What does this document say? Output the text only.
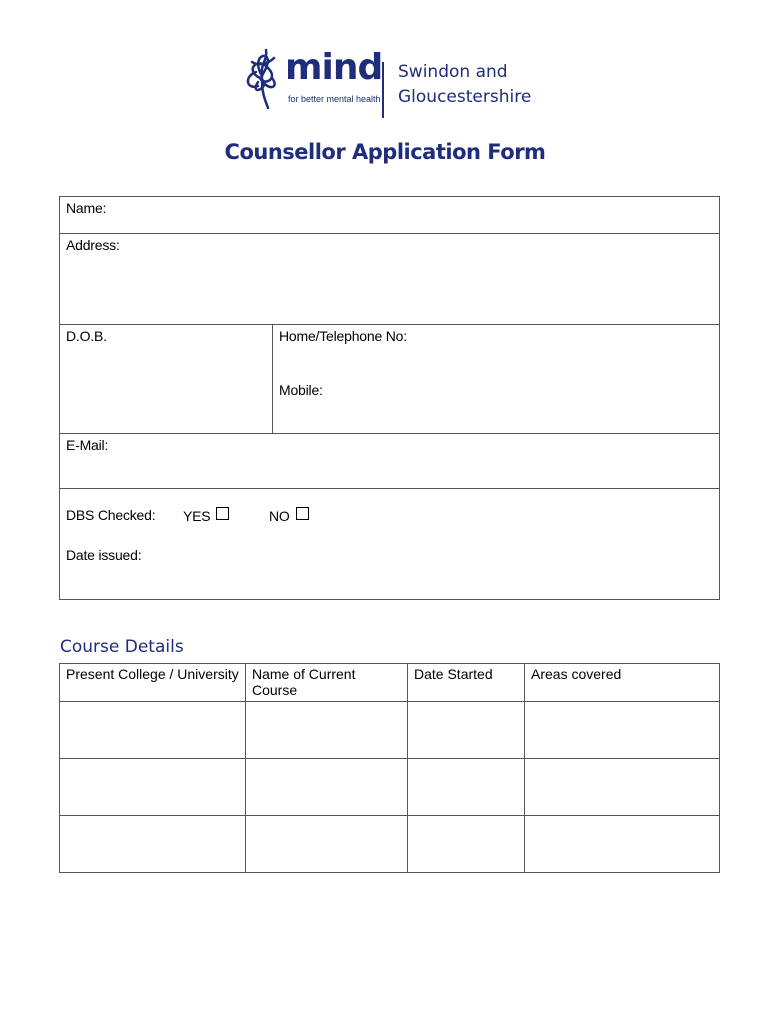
mind
for better mental health
Swindon and
Gloucestershire
Counsellor Application Form
Name:
Address:
D.O.B.	Home/Telephone No:
Mobile:
E-Mail:
DBS Checked: YES	NO
Date issued:
Course Details
Present College / University	Name of Current Course	Date Started	Areas covered
